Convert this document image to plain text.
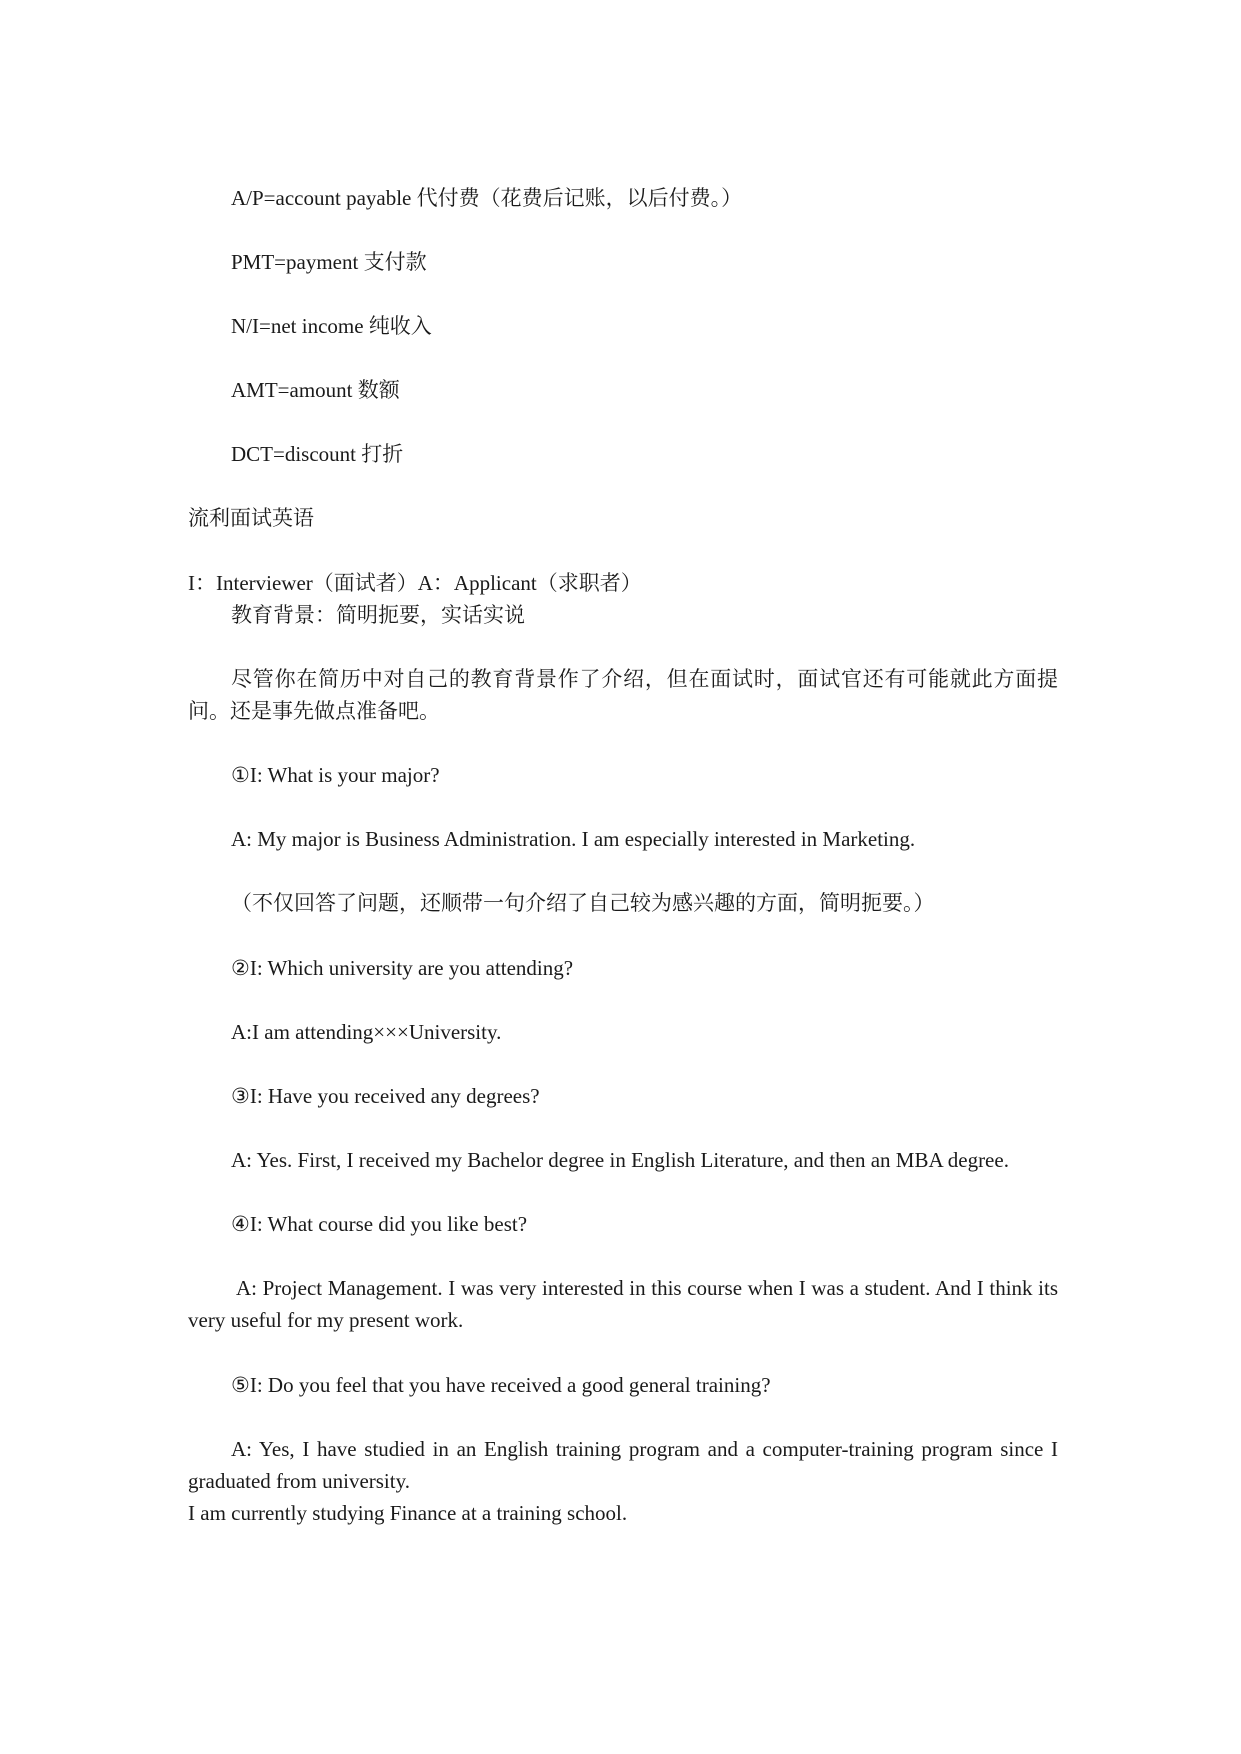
A/P=account payable 代付费（花费后记账，以后付费。）
PMT=payment 支付款
N/I=net income 纯收入
AMT=amount 数额
DCT=discount 打折
流利面试英语
I：Interviewer（面试者）A：Applicant（求职者）
教育背景：简明扼要，实话实说
尽管你在简历中对自己的教育背景作了介绍，但在面试时，面试官还有可能就此方面提问。还是事先做点准备吧。
①I: What is your major?
A: My major is Business Administration. I am especially interested in Marketing.
（不仅回答了问题，还顺带一句介绍了自己较为感兴趣的方面，简明扼要。）
②I: Which university are you attending?
A:I am attending×××University.
③I: Have you received any degrees?
A: Yes. First, I received my Bachelor degree in English Literature, and then an MBA degree.
④I: What course did you like best?
A: Project Management. I was very interested in this course when I was a student. And I think its very useful for my present work.
⑤I: Do you feel that you have received a good general training?
A: Yes, I have studied in an English training program and a computer-training program since I graduated from university.
I am currently studying Finance at a training school.
